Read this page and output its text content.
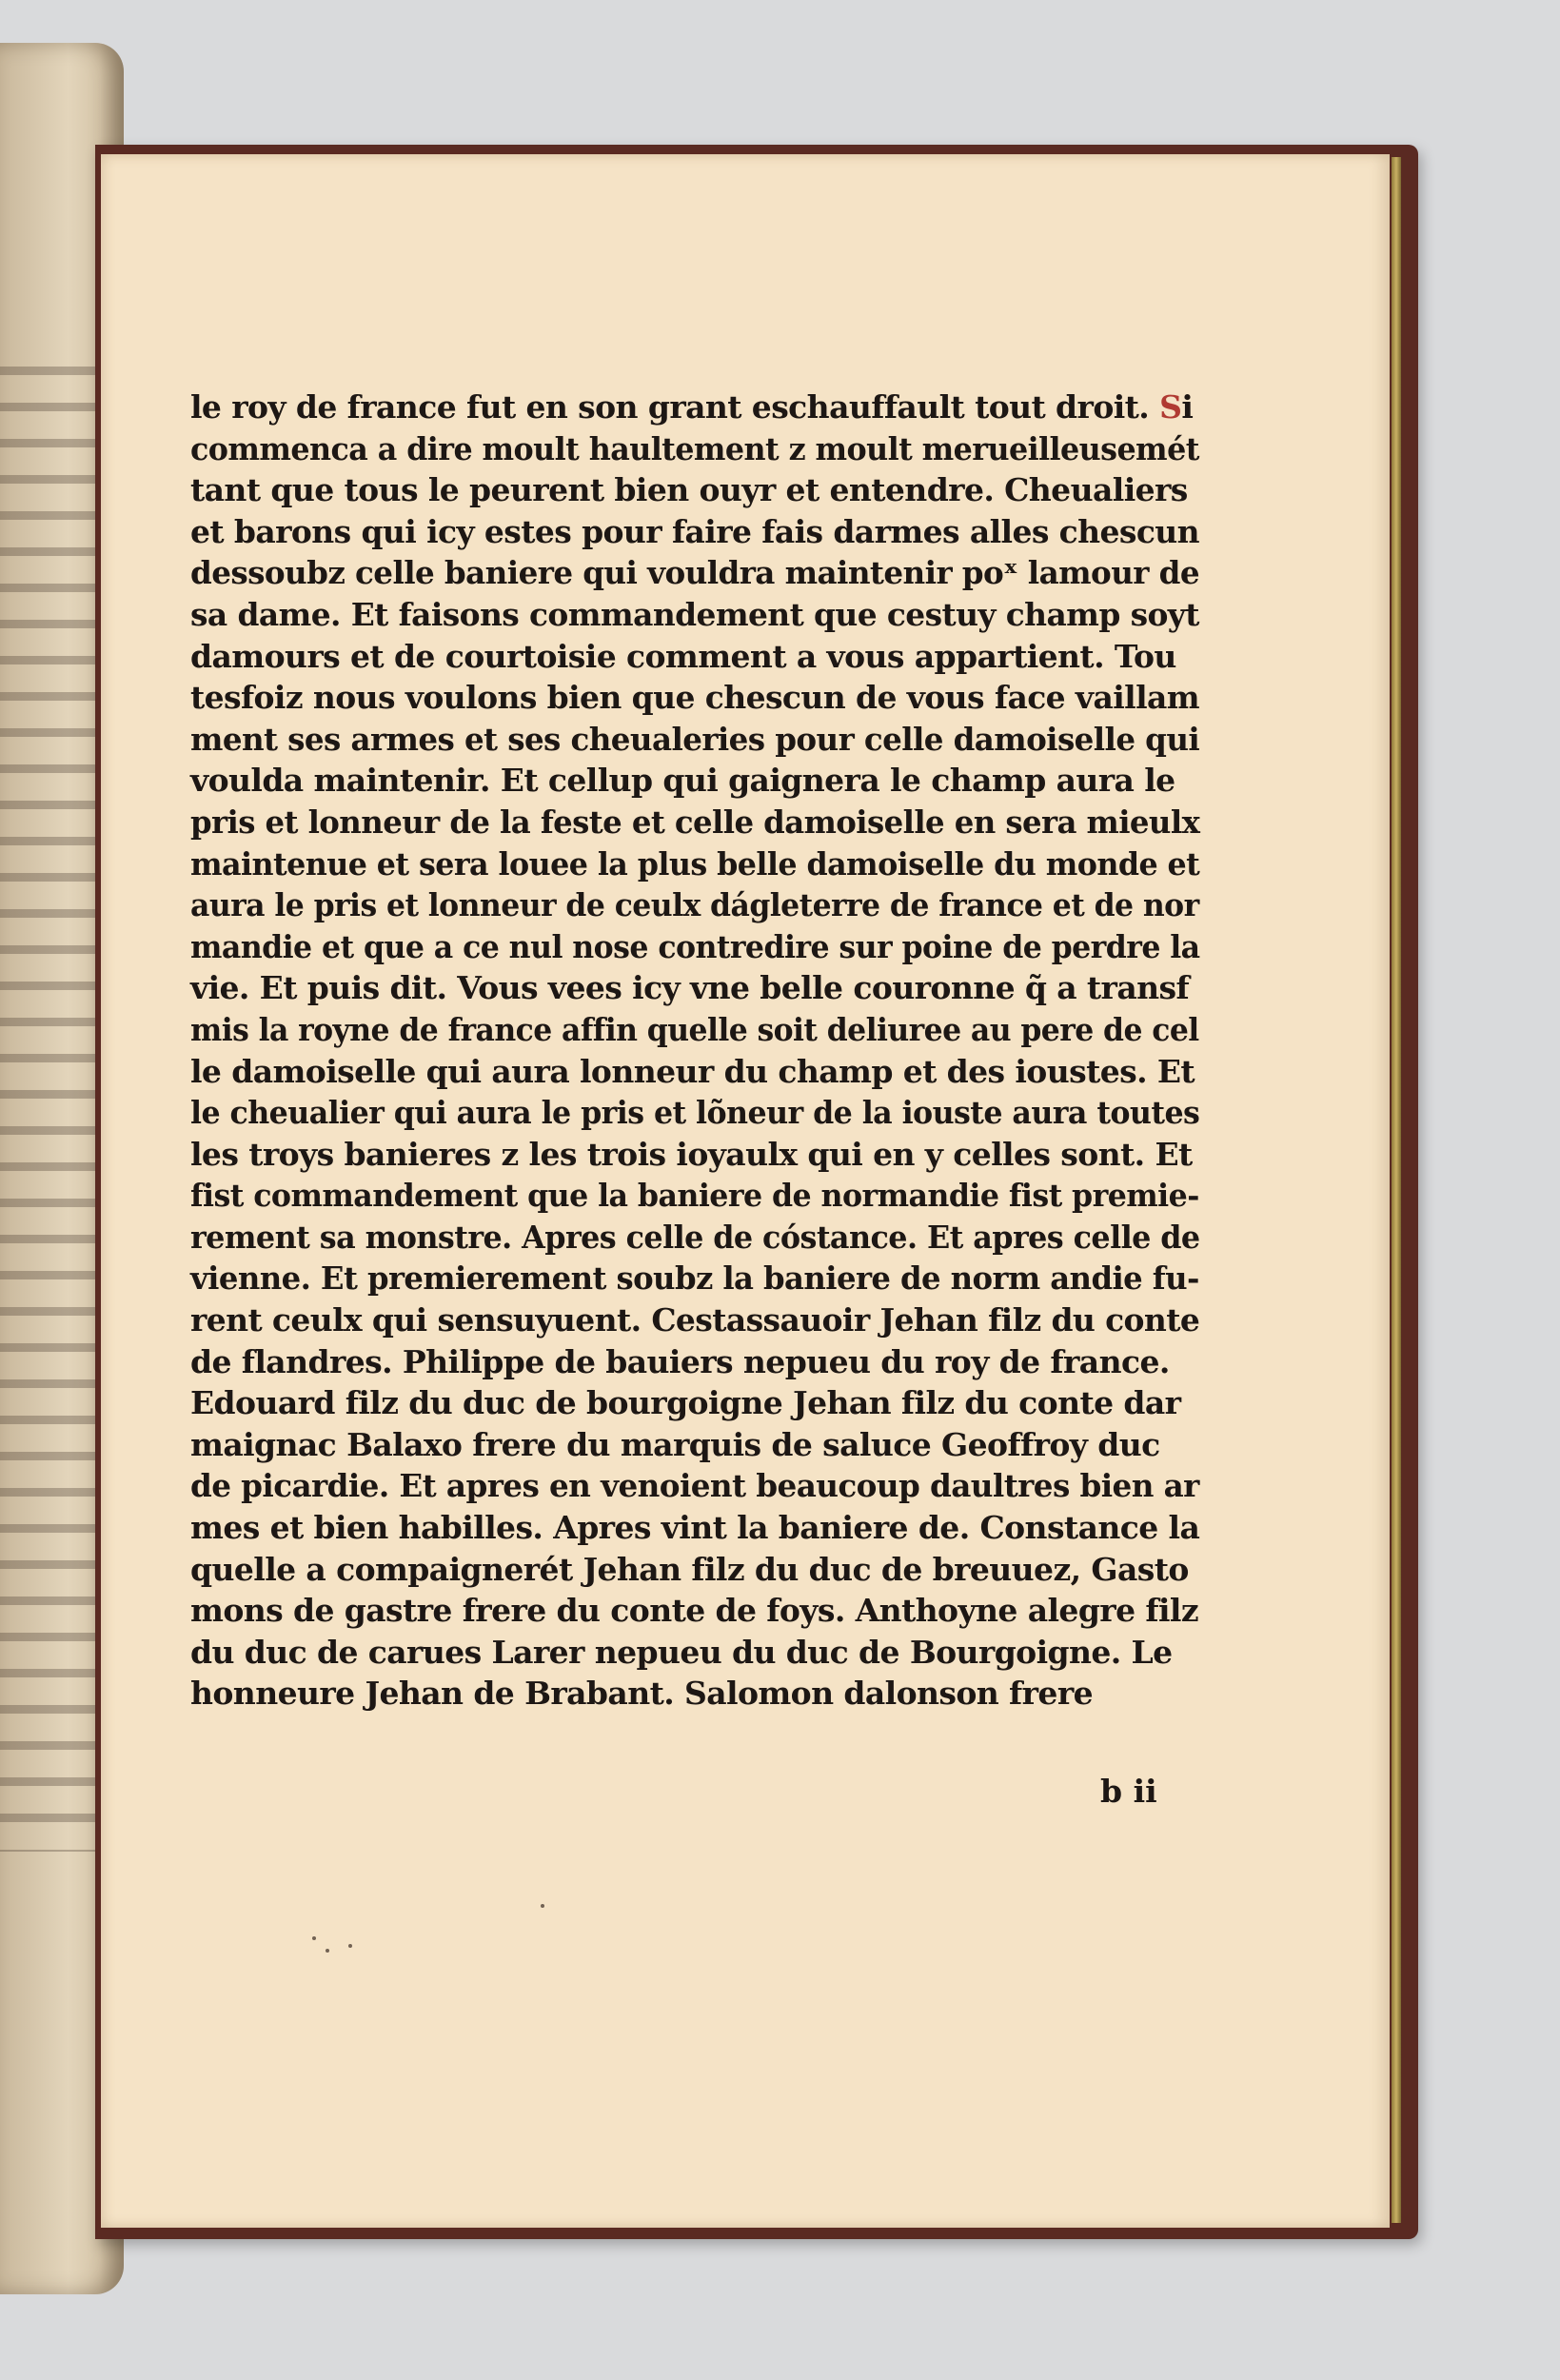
le roy de france fut en son grant eschauffault tout droit. Si
commenca a dire moult haultement z moult merueilleusemét
tant que tous le peurent bien ouyr et entendre. Cheualiers
et barons qui icy estes pour faire fais darmes alles chescun
dessoubz celle baniere qui vouldra maintenir poˣ lamour de
sa dame. Et faisons commandement que cestuy champ soyt
damours et de courtoisie comment a vous appartient. Tou
tesfoiz nous voulons bien que chescun de vous face vaillam
ment ses armes et ses cheualeries pour celle damoiselle qui
voulda maintenir. Et cellup qui gaignera le champ aura le
pris et lonneur de la feste et celle damoiselle en sera mieulx
maintenue et sera louee la plus belle damoiselle du monde et
aura le pris et lonneur de ceulx dágleterre de france et de nor
mandie et que a ce nul nose contredire sur poine de perdre la
vie. Et puis dit. Vous vees icy vne belle couronne q̃ a transf
mis la royne de france affin quelle soit deliuree au pere de cel
le damoiselle qui aura lonneur du champ et des ioustes. Et
le cheualier qui aura le pris et lõneur de la iouste aura toutes
les troys banieres z les trois ioyaulx qui en y celles sont. Et
fist commandement que la baniere de normandie fist premie-
rement sa monstre. Apres celle de cóstance. Et apres celle de
vienne. Et premierement soubz la baniere de norm andie fu-
rent ceulx qui sensuyuent. Cestassauoir Jehan filz du conte
de flandres. Philippe de bauiers nepueu du roy de france.
Edouard filz du duc de bourgoigne Jehan filz du conte dar
maignac Balaxo frere du marquis de saluce Geoffroy duc
de picardie. Et apres en venoient beaucoup daultres bien ar
mes et bien habilles. Apres vint la baniere de. Constance la
quelle a compaignerét Jehan filz du duc de breuuez, Gasto
mons de gastre frere du conte de foys. Anthoyne alegre filz
du duc de carues Larer nepueu du duc de Bourgoigne. Le
honneure Jehan de Brabant. Salomon dalonson frere
b ii
